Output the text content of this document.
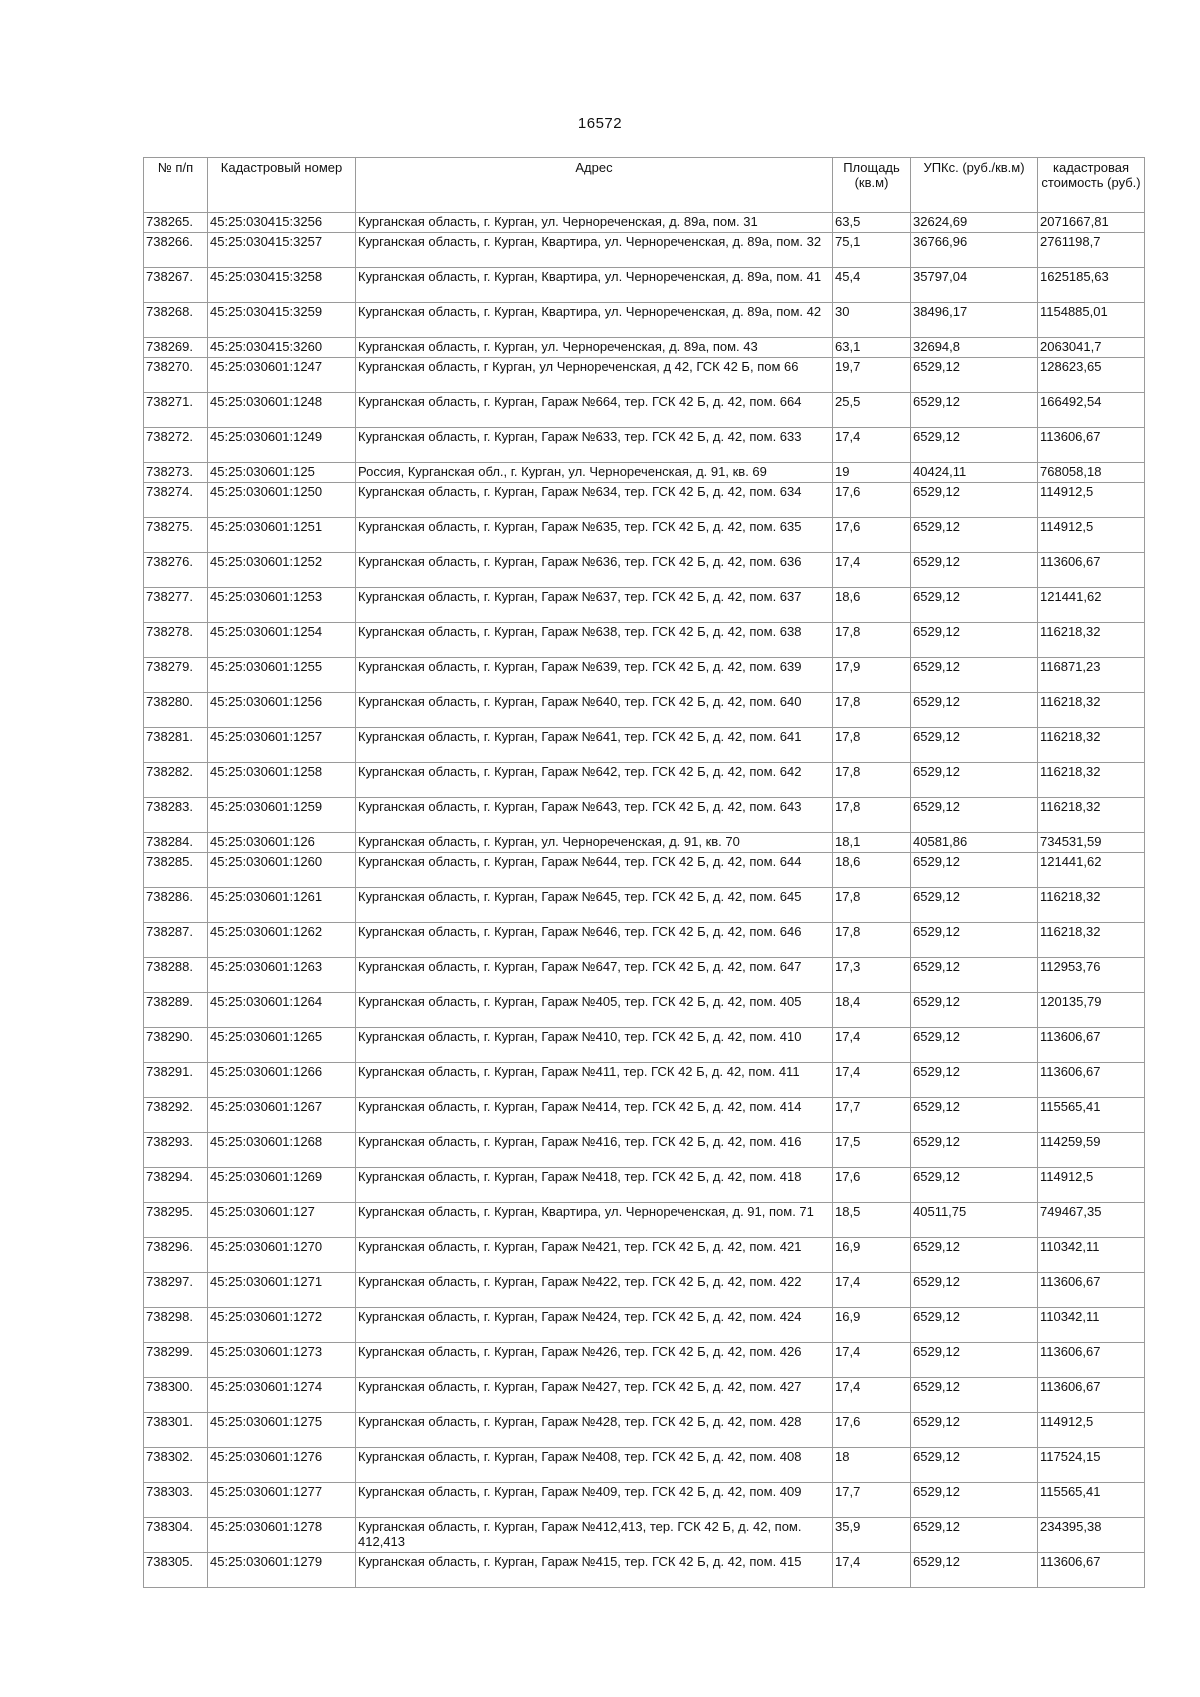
16572
№ п/п	Кадастровый номер	Адрес	Площадь (кв.м)	УПКс. (руб./кв.м)	кадастровая стоимость (руб.)
738265.	45:25:030415:3256	Курганская область, г. Курган, ул. Черноречeнская, д. 89а, пом. 31	63,5	32624,69	2071667,81
738266.	45:25:030415:3257	Курганская область, г. Курган, Квартира, ул. Черноречeнская, д. 89а, пом. 32	75,1	36766,96	2761198,7
738267.	45:25:030415:3258	Курганская область, г. Курган, Квартира, ул. Черноречeнская, д. 89а, пом. 41	45,4	35797,04	1625185,63
738268.	45:25:030415:3259	Курганская область, г. Курган, Квартира, ул. Черноречeнская, д. 89а, пом. 42	30	38496,17	1154885,01
738269.	45:25:030415:3260	Курганская область, г. Курган, ул. Черноречeнская, д. 89а, пом. 43	63,1	32694,8	2063041,7
738270.	45:25:030601:1247	Курганская область, г Курган, ул Черноречeнская, д 42, ГСК 42 Б, пом 66	19,7	6529,12	128623,65
738271.	45:25:030601:1248	Курганская область, г. Курган, Гараж №664, тер. ГСК 42 Б, д. 42, пом. 664	25,5	6529,12	166492,54
738272.	45:25:030601:1249	Курганская область, г. Курган, Гараж №633, тер. ГСК 42 Б, д. 42, пом. 633	17,4	6529,12	113606,67
738273.	45:25:030601:125	Россия, Курганская обл., г. Курган, ул. Черноречeнская, д. 91, кв. 69	19	40424,11	768058,18
738274.	45:25:030601:1250	Курганская область, г. Курган, Гараж №634, тер. ГСК 42 Б, д. 42, пом. 634	17,6	6529,12	114912,5
738275.	45:25:030601:1251	Курганская область, г. Курган, Гараж №635, тер. ГСК 42 Б, д. 42, пом. 635	17,6	6529,12	114912,5
738276.	45:25:030601:1252	Курганская область, г. Курган, Гараж №636, тер. ГСК 42 Б, д. 42, пом. 636	17,4	6529,12	113606,67
738277.	45:25:030601:1253	Курганская область, г. Курган, Гараж №637, тер. ГСК 42 Б, д. 42, пом. 637	18,6	6529,12	121441,62
738278.	45:25:030601:1254	Курганская область, г. Курган, Гараж №638, тер. ГСК 42 Б, д. 42, пом. 638	17,8	6529,12	116218,32
738279.	45:25:030601:1255	Курганская область, г. Курган, Гараж №639, тер. ГСК 42 Б, д. 42, пом. 639	17,9	6529,12	116871,23
738280.	45:25:030601:1256	Курганская область, г. Курган, Гараж №640, тер. ГСК 42 Б, д. 42, пом. 640	17,8	6529,12	116218,32
738281.	45:25:030601:1257	Курганская область, г. Курган, Гараж №641, тер. ГСК 42 Б, д. 42, пом. 641	17,8	6529,12	116218,32
738282.	45:25:030601:1258	Курганская область, г. Курган, Гараж №642, тер. ГСК 42 Б, д. 42, пом. 642	17,8	6529,12	116218,32
738283.	45:25:030601:1259	Курганская область, г. Курган, Гараж №643, тер. ГСК 42 Б, д. 42, пом. 643	17,8	6529,12	116218,32
738284.	45:25:030601:126	Курганская область, г. Курган, ул. Черноречeнская, д. 91, кв. 70	18,1	40581,86	734531,59
738285.	45:25:030601:1260	Курганская область, г. Курган, Гараж №644, тер. ГСК 42 Б, д. 42, пом. 644	18,6	6529,12	121441,62
738286.	45:25:030601:1261	Курганская область, г. Курган, Гараж №645, тер. ГСК 42 Б, д. 42, пом. 645	17,8	6529,12	116218,32
738287.	45:25:030601:1262	Курганская область, г. Курган, Гараж №646, тер. ГСК 42 Б, д. 42, пом. 646	17,8	6529,12	116218,32
738288.	45:25:030601:1263	Курганская область, г. Курган, Гараж №647, тер. ГСК 42 Б, д. 42, пом. 647	17,3	6529,12	112953,76
738289.	45:25:030601:1264	Курганская область, г. Курган, Гараж №405, тер. ГСК 42 Б, д. 42, пом. 405	18,4	6529,12	120135,79
738290.	45:25:030601:1265	Курганская область, г. Курган, Гараж №410, тер. ГСК 42 Б, д. 42, пом. 410	17,4	6529,12	113606,67
738291.	45:25:030601:1266	Курганская область, г. Курган, Гараж №411, тер. ГСК 42 Б, д. 42, пом. 411	17,4	6529,12	113606,67
738292.	45:25:030601:1267	Курганская область, г. Курган, Гараж №414, тер. ГСК 42 Б, д. 42, пом. 414	17,7	6529,12	115565,41
738293.	45:25:030601:1268	Курганская область, г. Курган, Гараж №416, тер. ГСК 42 Б, д. 42, пом. 416	17,5	6529,12	114259,59
738294.	45:25:030601:1269	Курганская область, г. Курган, Гараж №418, тер. ГСК 42 Б, д. 42, пом. 418	17,6	6529,12	114912,5
738295.	45:25:030601:127	Курганская область, г. Курган, Квартира, ул. Черноречeнская, д. 91, пом. 71	18,5	40511,75	749467,35
738296.	45:25:030601:1270	Курганская область, г. Курган, Гараж №421, тер. ГСК 42 Б, д. 42, пом. 421	16,9	6529,12	110342,11
738297.	45:25:030601:1271	Курганская область, г. Курган, Гараж №422, тер. ГСК 42 Б, д. 42, пом. 422	17,4	6529,12	113606,67
738298.	45:25:030601:1272	Курганская область, г. Курган, Гараж №424, тер. ГСК 42 Б, д. 42, пом. 424	16,9	6529,12	110342,11
738299.	45:25:030601:1273	Курганская область, г. Курган, Гараж №426, тер. ГСК 42 Б, д. 42, пом. 426	17,4	6529,12	113606,67
738300.	45:25:030601:1274	Курганская область, г. Курган, Гараж №427, тер. ГСК 42 Б, д. 42, пом. 427	17,4	6529,12	113606,67
738301.	45:25:030601:1275	Курганская область, г. Курган, Гараж №428, тер. ГСК 42 Б, д. 42, пом. 428	17,6	6529,12	114912,5
738302.	45:25:030601:1276	Курганская область, г. Курган, Гараж №408, тер. ГСК 42 Б, д. 42, пом. 408	18	6529,12	117524,15
738303.	45:25:030601:1277	Курганская область, г. Курган, Гараж №409, тер. ГСК 42 Б, д. 42, пом. 409	17,7	6529,12	115565,41
738304.	45:25:030601:1278	Курганская область, г. Курган, Гараж №412,413, тер. ГСК 42 Б, д. 42, пом. 412,413	35,9	6529,12	234395,38
738305.	45:25:030601:1279	Курганская область, г. Курган, Гараж №415, тер. ГСК 42 Б, д. 42, пом. 415	17,4	6529,12	113606,67
